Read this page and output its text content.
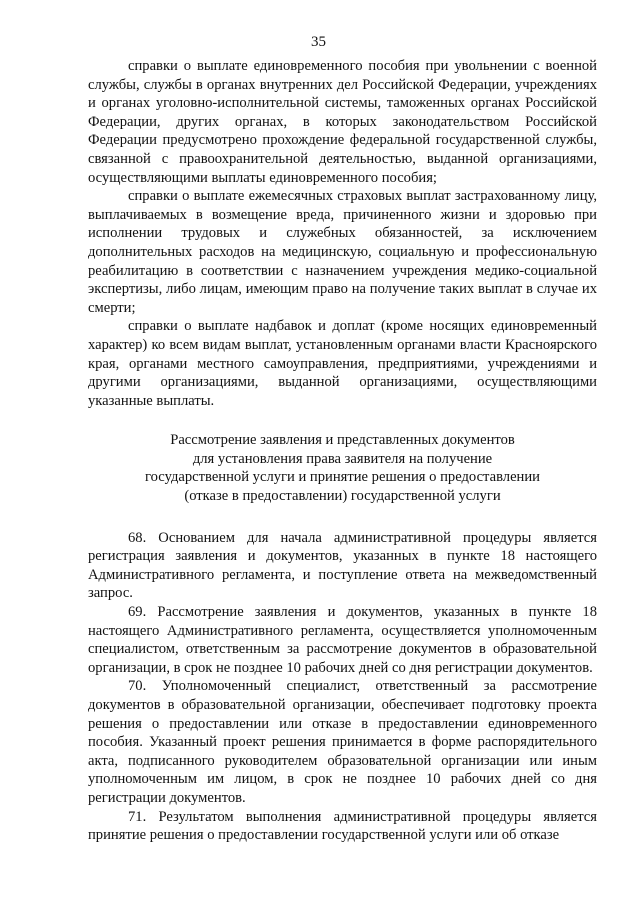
35

справки о выплате единовременного пособия при увольнении с военной службы, службы в органах внутренних дел Российской Федерации, учреждениях и органах уголовно-исполнительной системы, таможенных органах Российской Федерации, других органах, в которых законодательством Российской Федерации предусмотрено прохождение федеральной государственной службы, связанной с правоохранительной деятельностью, выданной организациями, осуществляющими выплаты единовременного пособия;

справки о выплате ежемесячных страховых выплат застрахованному лицу, выплачиваемых в возмещение вреда, причиненного жизни и здоровью при исполнении трудовых и служебных обязанностей, за исключением дополнительных расходов на медицинскую, социальную и профессиональную реабилитацию в соответствии с назначением учреждения медико-социальной экспертизы, либо лицам, имеющим право на получение таких выплат в случае их смерти;

справки о выплате надбавок и доплат (кроме носящих единовременный характер) ко всем видам выплат, установленным органами власти Красноярского края, органами местного самоуправления, предприятиями, учреждениями и другими организациями, выданной организациями, осуществляющими указанные выплаты.

Рассмотрение заявления и представленных документов
для установления права заявителя на получение
государственной услуги и принятие решения о предоставлении
(отказе в предоставлении) государственной услуги

68. Основанием для начала административной процедуры является регистрация заявления и документов, указанных в пункте 18 настоящего Административного регламента, и поступление ответа на межведомственный запрос.

69. Рассмотрение заявления и документов, указанных в пункте 18 настоящего Административного регламента, осуществляется уполномоченным специалистом, ответственным за рассмотрение документов в образовательной организации, в срок не позднее 10 рабочих дней со дня регистрации документов.

70. Уполномоченный специалист, ответственный за рассмотрение документов в образовательной организации, обеспечивает подготовку проекта решения о предоставлении или отказе в предоставлении единовременного пособия. Указанный проект решения принимается в форме распорядительного акта, подписанного руководителем образовательной организации или иным уполномоченным им лицом, в срок не позднее 10 рабочих дней со дня регистрации документов.

71. Результатом выполнения административной процедуры является принятие решения о предоставлении государственной услуги или об отказе
